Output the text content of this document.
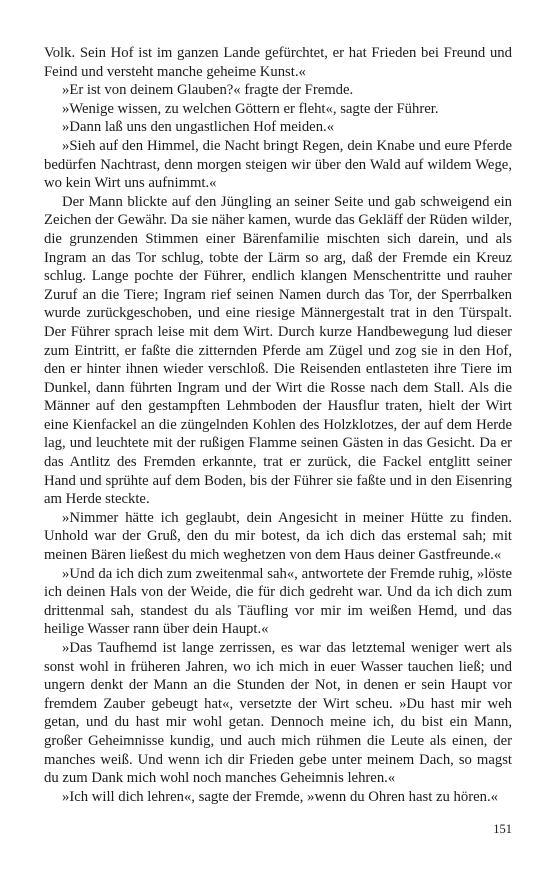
Volk. Sein Hof ist im ganzen Lande gefürchtet, er hat Frieden bei Freund und Feind und versteht manche geheime Kunst.«

»Er ist von deinem Glauben?« fragte der Fremde.

»Wenige wissen, zu welchen Göttern er fleht«, sagte der Führer.

»Dann laß uns den ungastlichen Hof meiden.«

»Sieh auf den Himmel, die Nacht bringt Regen, dein Knabe und eure Pferde bedürfen Nachtrast, denn morgen steigen wir über den Wald auf wildem Wege, wo kein Wirt uns aufnimmt.«

Der Mann blickte auf den Jüngling an seiner Seite und gab schweigend ein Zeichen der Gewähr. Da sie näher kamen, wurde das Gekläff der Rüden wilder, die grunzenden Stimmen einer Bärenfamilie mischten sich darein, und als Ingram an das Tor schlug, tobte der Lärm so arg, daß der Fremde ein Kreuz schlug. Lange pochte der Führer, endlich klangen Menschentritte und rauher Zuruf an die Tiere; Ingram rief seinen Namen durch das Tor, der Sperrbalken wurde zurückgeschoben, und eine riesige Männergestalt trat in den Türspalt. Der Führer sprach leise mit dem Wirt. Durch kurze Handbewegung lud dieser zum Eintritt, er faßte die zitternden Pferde am Zügel und zog sie in den Hof, den er hinter ihnen wieder verschloß. Die Reisenden entlasteten ihre Tiere im Dunkel, dann führten Ingram und der Wirt die Rosse nach dem Stall. Als die Männer auf den gestampften Lehmboden der Hausflur traten, hielt der Wirt eine Kienfackel an die züngelnden Kohlen des Holzklotzes, der auf dem Herde lag, und leuchtete mit der rußigen Flamme seinen Gästen in das Gesicht. Da er das Antlitz des Fremden erkannte, trat er zurück, die Fackel entglitt seiner Hand und sprühte auf dem Boden, bis der Führer sie faßte und in den Eisenring am Herde steckte.

»Nimmer hätte ich geglaubt, dein Angesicht in meiner Hütte zu finden. Unhold war der Gruß, den du mir botest, da ich dich das erstemal sah; mit meinen Bären ließest du mich weghetzen von dem Haus deiner Gastfreunde.«

»Und da ich dich zum zweitenmal sah«, antwortete der Fremde ruhig, »löste ich deinen Hals von der Weide, die für dich gedreht war. Und da ich dich zum drittenmal sah, standest du als Täufling vor mir im weißen Hemd, und das heilige Wasser rann über dein Haupt.«

»Das Taufhemd ist lange zerrissen, es war das letztemal weniger wert als sonst wohl in früheren Jahren, wo ich mich in euer Wasser tauchen ließ; und ungern denkt der Mann an die Stunden der Not, in denen er sein Haupt vor fremdem Zauber gebeugt hat«, versetzte der Wirt scheu. »Du hast mir weh getan, und du hast mir wohl getan. Dennoch meine ich, du bist ein Mann, großer Geheimnisse kundig, und auch mich rühmen die Leute als einen, der manches weiß. Und wenn ich dir Frieden gebe unter meinem Dach, so magst du zum Dank mich wohl noch manches Geheimnis lehren.«

»Ich will dich lehren«, sagte der Fremde, »wenn du Ohren hast zu hören.«

151
